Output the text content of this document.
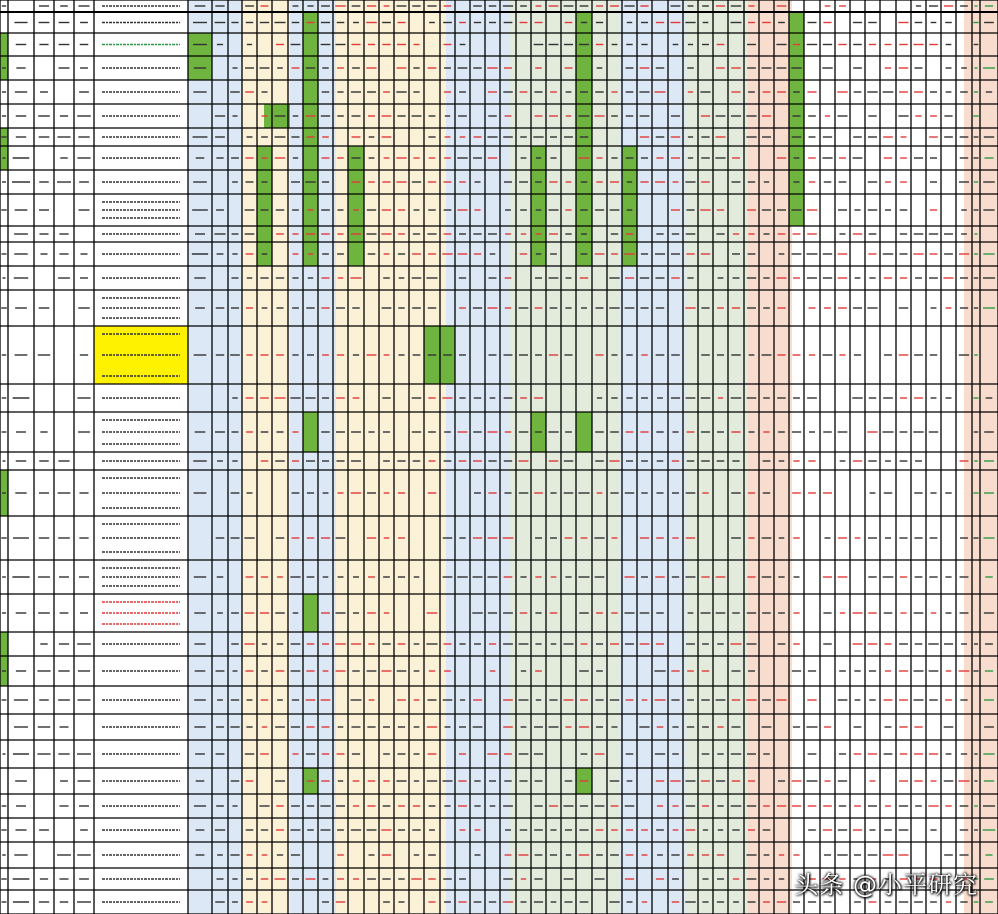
头条 @小平研究
